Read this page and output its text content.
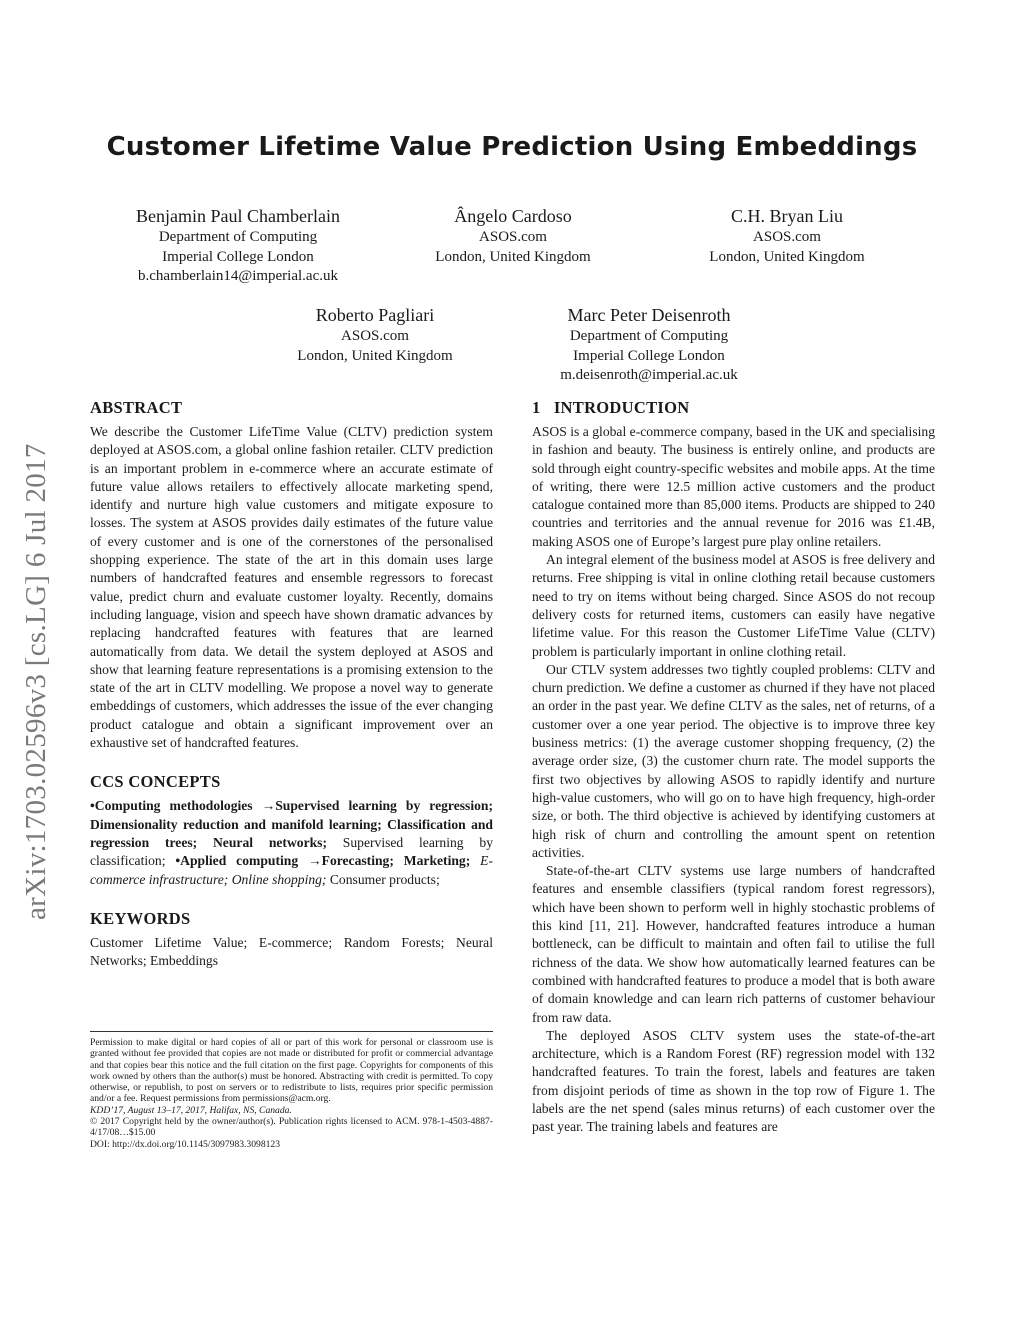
Customer Lifetime Value Prediction Using Embeddings
arXiv:1703.02596v3 [cs.LG] 6 Jul 2017
Benjamin Paul Chamberlain
Department of Computing
Imperial College London
b.chamberlain14@imperial.ac.uk
Ângelo Cardoso
ASOS.com
London, United Kingdom
C.H. Bryan Liu
ASOS.com
London, United Kingdom
Roberto Pagliari
ASOS.com
London, United Kingdom
Marc Peter Deisenroth
Department of Computing
Imperial College London
m.deisenroth@imperial.ac.uk
ABSTRACT

We describe the Customer LifeTime Value (CLTV) prediction system deployed at ASOS.com, a global online fashion retailer. CLTV prediction is an important problem in e-commerce where an accurate estimate of future value allows retailers to effectively allocate marketing spend, identify and nurture high value customers and mitigate exposure to losses. The system at ASOS provides daily estimates of the future value of every customer and is one of the cornerstones of the personalised shopping experience. The state of the art in this domain uses large numbers of handcrafted features and ensemble regressors to forecast value, predict churn and evaluate customer loyalty. Recently, domains including language, vision and speech have shown dramatic advances by replacing handcrafted features with features that are learned automatically from data. We detail the system deployed at ASOS and show that learning feature representations is a promising extension to the state of the art in CLTV modelling. We propose a novel way to generate embeddings of customers, which addresses the issue of the ever changing product catalogue and obtain a significant improvement over an exhaustive set of handcrafted features.

CCS CONCEPTS

•Computing methodologies →Supervised learning by regression; Dimensionality reduction and manifold learning; Classification and regression trees; Neural networks; Supervised learning by classification; •Applied computing →Forecasting; Marketing; E-commerce infrastructure; Online shopping; Consumer products;

KEYWORDS

Customer Lifetime Value; E-commerce; Random Forests; Neural Networks; Embeddings

Permission to make digital or hard copies of all or part of this work for personal or classroom use is granted without fee provided that copies are not made or distributed for profit or commercial advantage and that copies bear this notice and the full citation on the first page. Copyrights for components of this work owned by others than the author(s) must be honored. Abstracting with credit is permitted. To copy otherwise, or republish, to post on servers or to redistribute to lists, requires prior specific permission and/or a fee. Request permissions from permissions@acm.org.

KDD’17, August 13–17, 2017, Halifax, NS, Canada.

© 2017 Copyright held by the owner/author(s). Publication rights licensed to ACM. 978-1-4503-4887-4/17/08…$15.00

DOI: http://dx.doi.org/10.1145/3097983.3098123

1   INTRODUCTION

ASOS is a global e-commerce company, based in the UK and specialising in fashion and beauty. The business is entirely online, and products are sold through eight country-specific websites and mobile apps. At the time of writing, there were 12.5 million active customers and the product catalogue contained more than 85,000 items. Products are shipped to 240 countries and territories and the annual revenue for 2016 was £1.4B, making ASOS one of Europe’s largest pure play online retailers.

An integral element of the business model at ASOS is free delivery and returns. Free shipping is vital in online clothing retail because customers need to try on items without being charged. Since ASOS do not recoup delivery costs for returned items, customers can easily have negative lifetime value. For this reason the Customer LifeTime Value (CLTV) problem is particularly important in online clothing retail.

Our CTLV system addresses two tightly coupled problems: CLTV and churn prediction. We define a customer as churned if they have not placed an order in the past year. We define CLTV as the sales, net of returns, of a customer over a one year period. The objective is to improve three key business metrics: (1) the average customer shopping frequency, (2) the average order size, (3) the customer churn rate. The model supports the first two objectives by allowing ASOS to rapidly identify and nurture high-value customers, who will go on to have high frequency, high-order size, or both. The third objective is achieved by identifying customers at high risk of churn and controlling the amount spent on retention activities.

State-of-the-art CLTV systems use large numbers of handcrafted features and ensemble classifiers (typical random forest regressors), which have been shown to perform well in highly stochastic problems of this kind [11, 21]. However, handcrafted features introduce a human bottleneck, can be difficult to maintain and often fail to utilise the full richness of the data. We show how automatically learned features can be combined with handcrafted features to produce a model that is both aware of domain knowledge and can learn rich patterns of customer behaviour from raw data.

The deployed ASOS CLTV system uses the state-of-the-art architecture, which is a Random Forest (RF) regression model with 132 handcrafted features. To train the forest, labels and features are taken from disjoint periods of time as shown in the top row of Figure 1. The labels are the net spend (sales minus returns) of each customer over the past year. The training labels and features are
